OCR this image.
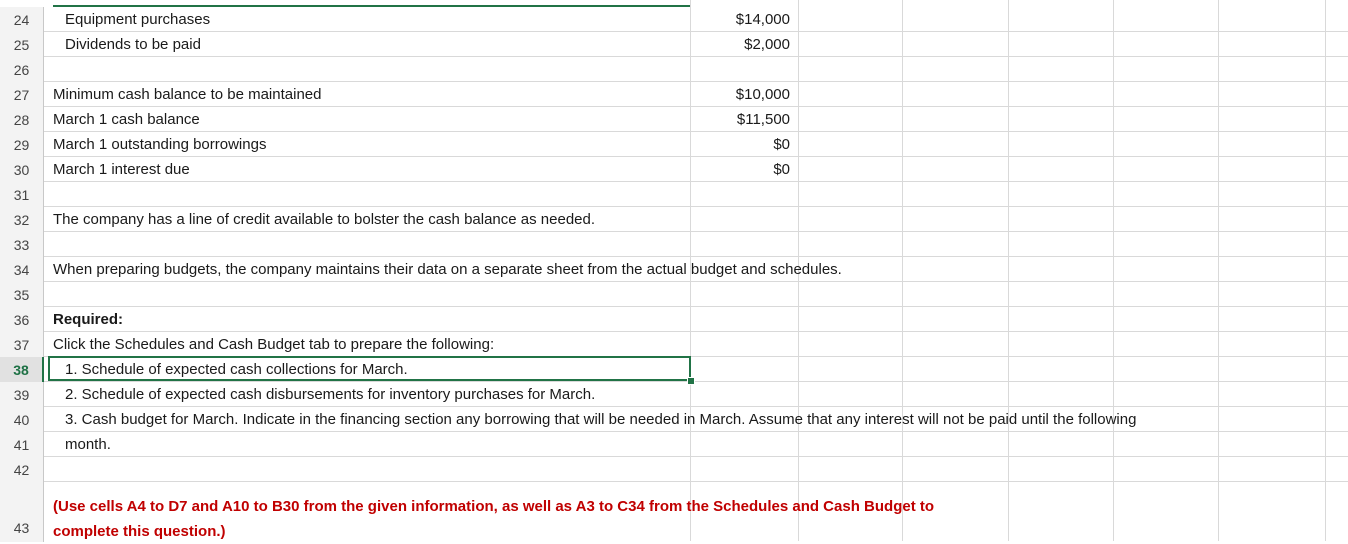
24	Equipment purchases	$14,000
25	Dividends to be paid	$2,000
26
27	Minimum cash balance to be maintained	$10,000
28	March 1 cash balance	$11,500
29	March 1 outstanding borrowings	$0
30	March 1 interest due	$0
31
32	The company has a line of credit available to bolster the cash balance as needed.
33
34	When preparing budgets, the company maintains their data on a separate sheet from the actual budget and schedules.
35
36	Required:
37	Click the Schedules and Cash Budget tab to prepare the following:
38	1. Schedule of expected cash collections for March.
39	2. Schedule of expected cash disbursements for inventory purchases for March.
40	3. Cash budget for March. Indicate in the financing section any borrowing that will be needed in March. Assume that any interest will not be paid until the following
41	month.
42
43
(Use cells A4 to D7 and A10 to B30 from the given information, as well as A3 to C34 from the Schedules and Cash Budget to
complete this question.)
